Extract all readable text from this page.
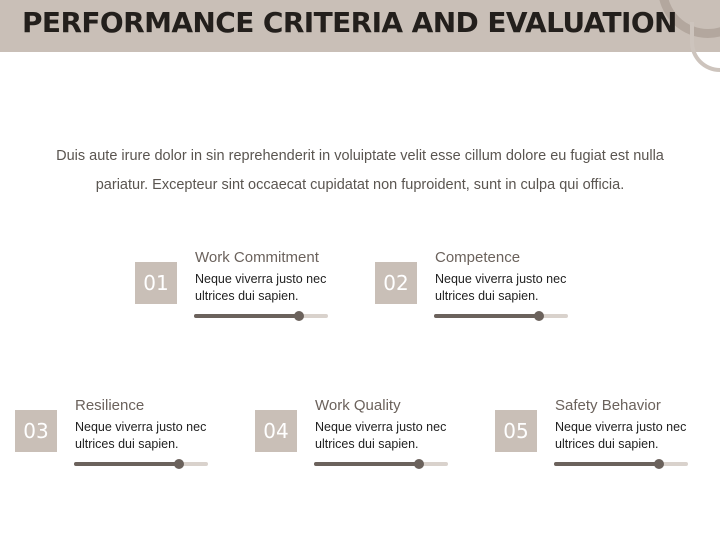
PERFORMANCE CRITERIA AND EVALUATION
Duis aute irure dolor in sin reprehenderit in voluiptate velit esse cillum dolore eu fugiat est nulla pariatur. Excepteur sint occaecat cupidatat non fuproident, sunt in culpa qui officia.
01
Work Commitment
Neque viverra justo nec ultrices dui sapien.
02
Competence
Neque viverra justo nec ultrices dui sapien.
03
Resilience
Neque viverra justo nec ultrices dui sapien.
04
Work Quality
Neque viverra justo nec ultrices dui sapien.
05
Safety Behavior
Neque viverra justo nec ultrices dui sapien.
